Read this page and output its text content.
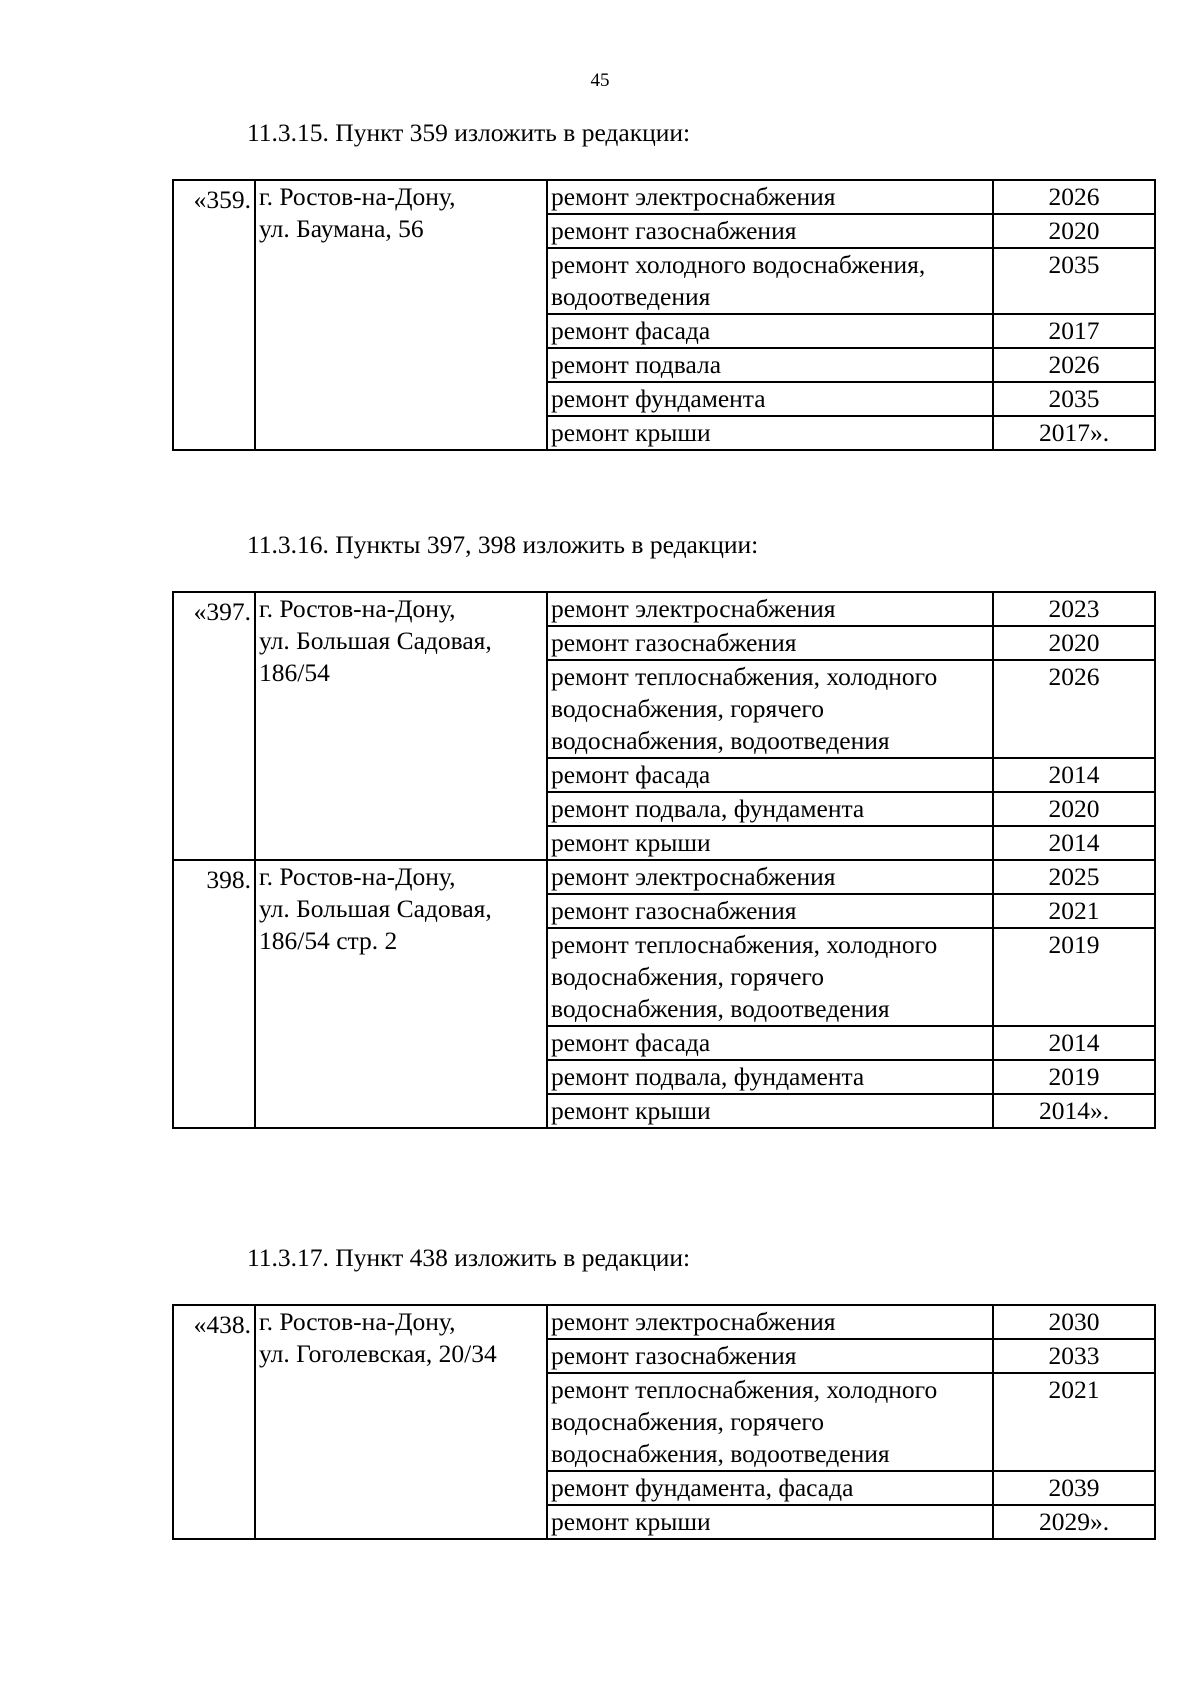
45
11.3.15. Пункт 359 изложить в редакции:
«359.	г. Ростов-на-Дону,
ул. Баумана, 56	ремонт электроснабжения	2026

		ремонт газоснабжения	2020

		ремонт холодного водоснабжения,
водоотведения	2035

		ремонт фасада	2017

		ремонт подвала	2026

		ремонт фундамента	2035

		ремонт крыши	2017».
11.3.16. Пункты 397, 398 изложить в редакции:
«397.	г. Ростов-на-Дону,
ул. Большая Садовая,
186/54	ремонт электроснабжения	2023

		ремонт газоснабжения	2020

		ремонт теплоснабжения, холодного
водоснабжения, горячего
водоснабжения, водоотведения	2026

		ремонт фасада	2014

		ремонт подвала, фундамента	2020

		ремонт крыши	2014

398.	г. Ростов-на-Дону,
ул. Большая Садовая,
186/54 стр. 2	ремонт электроснабжения	2025

		ремонт газоснабжения	2021

		ремонт теплоснабжения, холодного
водоснабжения, горячего
водоснабжения, водоотведения	2019

		ремонт фасада	2014

		ремонт подвала, фундамента	2019

		ремонт крыши	2014».
11.3.17. Пункт 438 изложить в редакции:
«438.	г. Ростов-на-Дону,
ул. Гоголевская, 20/34	ремонт электроснабжения	2030

		ремонт газоснабжения	2033

		ремонт теплоснабжения, холодного
водоснабжения, горячего
водоснабжения, водоотведения	2021

		ремонт фундамента, фасада	2039

		ремонт крыши	2029».
